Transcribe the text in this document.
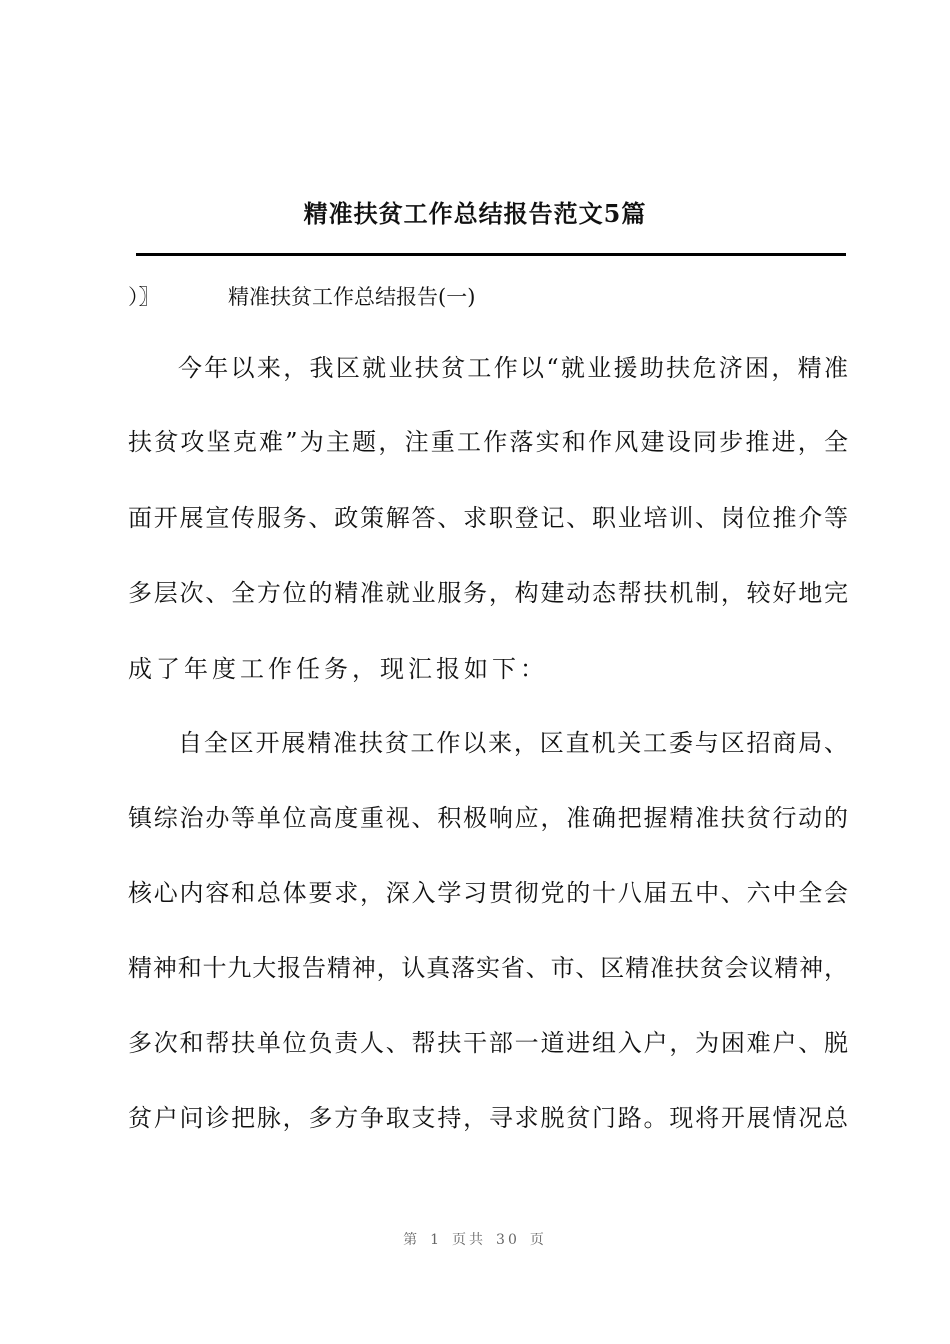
精准扶贫工作总结报告范文5篇
）〗	精准扶贫工作总结报告(一)
今年以来，我区就业扶贫工作以“就业援助扶危济困，精准
扶贫攻坚克难”为主题，注重工作落实和作风建设同步推进，全
面开展宣传服务、政策解答、求职登记、职业培训、岗位推介等
多层次、全方位的精准就业服务，构建动态帮扶机制，较好地完
成了年度工作任务，现汇报如下：
自全区开展精准扶贫工作以来，区直机关工委与区招商局、
镇综治办等单位高度重视、积极响应，准确把握精准扶贫行动的
核心内容和总体要求，深入学习贯彻党的十八届五中、六中全会
精神和十九大报告精神，认真落实省、市、区精准扶贫会议精神，
多次和帮扶单位负责人、帮扶干部一道进组入户，为困难户、脱
贫户问诊把脉，多方争取支持，寻求脱贫门路。现将开展情况总
第 1 页共 30 页
